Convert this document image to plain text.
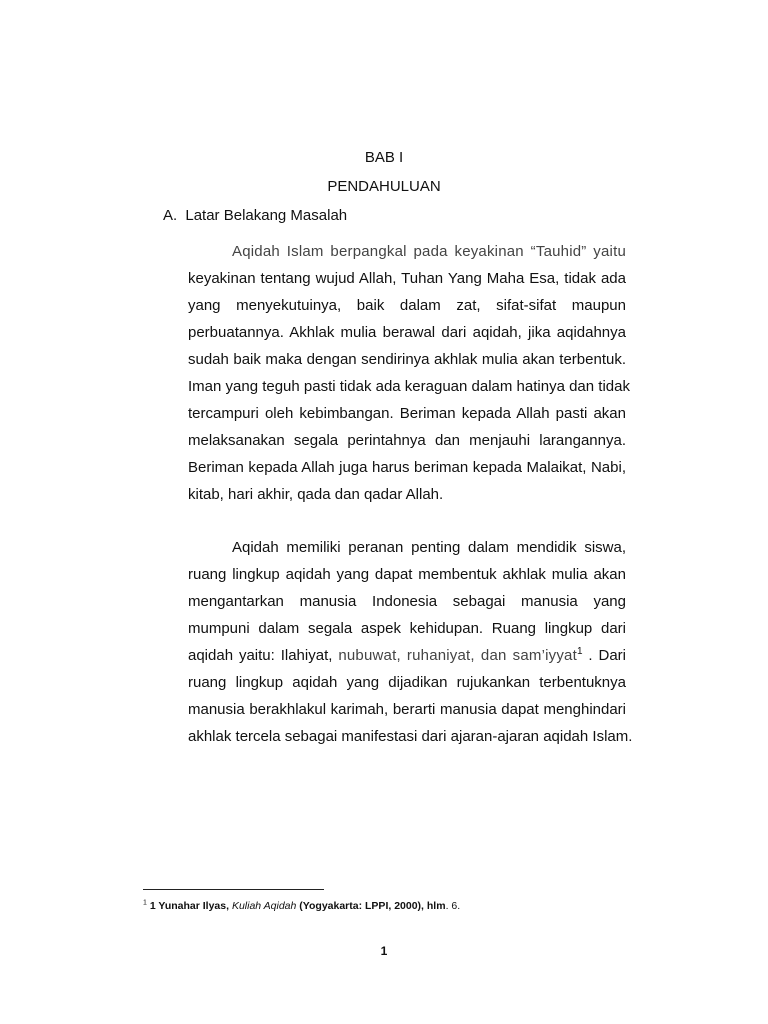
BAB I
PENDAHULUAN
A. Latar Belakang Masalah
Aqidah Islam berpangkal pada keyakinan “Tauhid” yaitu
keyakinan tentang wujud Allah, Tuhan Yang Maha Esa, tidak ada
yang menyekutuinya, baik dalam zat, sifat-sifat maupun
perbuatannya. Akhlak mulia berawal dari aqidah, jika aqidahnya
sudah baik maka dengan sendirinya akhlak mulia akan terbentuk.
Iman yang teguh pasti tidak ada keraguan dalam hatinya dan tidak
tercampuri oleh kebimbangan. Beriman kepada Allah pasti akan
melaksanakan segala perintahnya dan menjauhi larangannya.
Beriman kepada Allah juga harus beriman kepada Malaikat, Nabi,
kitab, hari akhir, qada dan qadar Allah.
Aqidah memiliki peranan penting dalam mendidik siswa,
ruang lingkup aqidah yang dapat membentuk akhlak mulia akan
mengantarkan manusia Indonesia sebagai manusia yang
mumpuni dalam segala aspek kehidupan. Ruang lingkup dari
aqidah yaitu: Ilahiyat, nubuwat, ruhaniyat, dan sam’iyyat$^1$ . Dari
ruang lingkup aqidah yang dijadikan rujukankan terbentuknya
manusia berakhlakul karimah, berarti manusia dapat menghindari
akhlak tercela sebagai manifestasi dari ajaran-ajaran aqidah Islam.
$^1$ 1 Yunahar Ilyas, Kuliah Aqidah (Yogyakarta: LPPI, 2000), hlm. 6.
1
